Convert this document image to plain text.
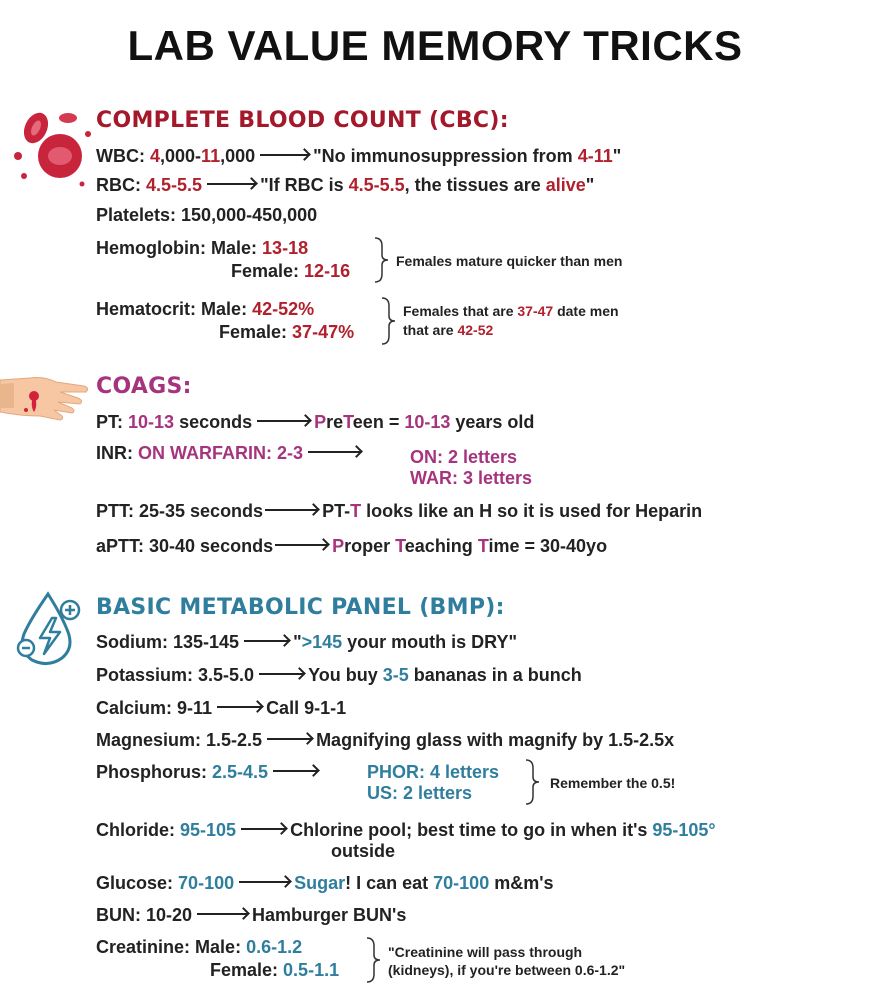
LAB VALUE MEMORY TRICKS
COMPLETE BLOOD COUNT (CBC):
WBC: 4,000-11,000	"No immunosuppression from 4-11"
RBC: 4.5-5.5	"If RBC is 4.5-5.5, the tissues are alive"
Platelets: 150,000-450,000
Hemoglobin: Male: 13-18
Female: 12-16	Females mature quicker than men
Hematocrit: Male: 42-52%
Female: 37-47%
Females that are 37-47 date men
that are 42-52
COAGS:
PT: 10-13 seconds	PreTeen = 10-13 years old
INR: ON WARFARIN: 2-3	ON: 2 letters
WAR: 3 letters
PTT: 25-35 seconds	PT-T looks like an H so it is used for Heparin
aPTT: 30-40 seconds	Proper Teaching Time = 30-40yo
BASIC METABOLIC PANEL (BMP):
Sodium: 135-145	">145 your mouth is DRY"
Potassium: 3.5-5.0	You buy 3-5 bananas in a bunch
Calcium: 9-11	Call 9-1-1
Magnesium: 1.5-2.5	Magnifying glass with magnify by 1.5-2.5x
Phosphorus: 2.5-4.5	PHOR: 4 letters
US: 2 letters	Remember the 0.5!
Chloride: 95-105	Chlorine pool; best time to go in when it's 95-105°
outside
Glucose: 70-100	Sugar! I can eat 70-100 m&m's
BUN: 10-20	Hamburger BUN's
Creatinine: Male: 0.6-1.2
Female: 0.5-1.1
"Creatinine will pass through
(kidneys), if you're between 0.6-1.2"
